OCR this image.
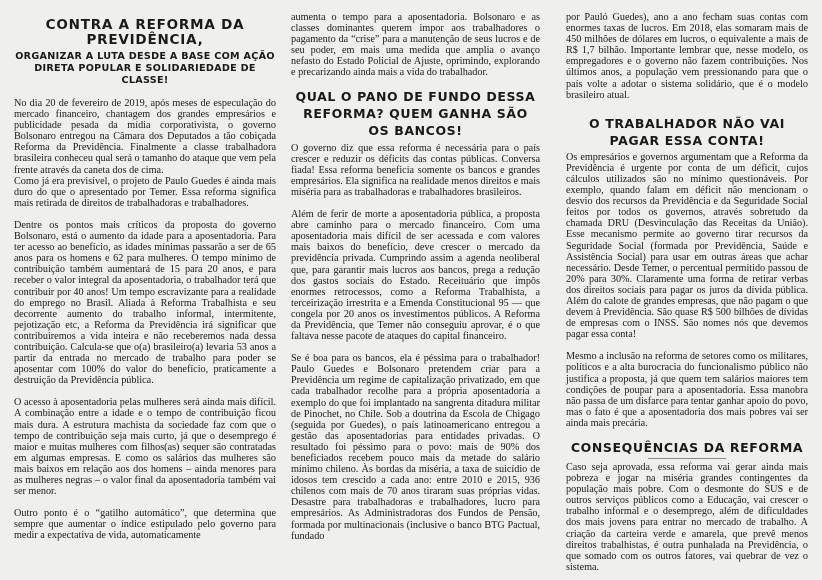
CONTRA A REFORMA DA PREVIDÊNCIA,
ORGANIZAR A LUTA DESDE A BASE COM AÇÃO DIRETA POPULAR E SOLIDARIEDADE DE CLASSE!

No dia 20 de fevereiro de 2019, após meses de especulação do mercado financeiro, chantagem dos grandes empresários e publicidade pesada da mídia corporativista, o governo Bolsonaro entregou na Câmara dos Deputados a tão cobiçada Reforma da Previdência. Finalmente a classe trabalhadora brasileira conheceu qual será o tamanho do ataque que vem pela frente através da caneta dos de cima.

Como já era previsível, o projeto de Paulo Guedes é ainda mais duro do que o apresentado por Temer. Essa reforma significa mais retirada de direitos de trabalhadoras e trabalhadores.

Dentre os pontos mais críticos da proposta do governo Bolsonaro, está o aumento da idade para a aposentadoria. Para ter acesso ao benefício, as idades mínimas passarão a ser de 65 anos para os homens e 62 para mulheres. O tempo mínimo de contribuição também aumentará de 15 para 20 anos, e para receber o valor integral da aposentadoria, o trabalhador terá que contribuir por 40 anos! Um tempo escravizante para a realidade do emprego no Brasil. Aliada à Reforma Trabalhista e seu decorrente aumento do trabalho informal, intermitente, pejotização etc, a Reforma da Previdência irá significar que contribuiremos a vida inteira e não receberemos nada dessa contribuição. Calcula-se que o(a) brasileiro(a) levaria 53 anos a partir da entrada no mercado de trabalho para poder se aposentar com 100% do valor do benefício, praticamente a destruição da Previdência pública.

O acesso à aposentadoria pelas mulheres será ainda mais difícil. A combinação entre a idade e o tempo de contribuição ficou mais dura. A estrutura machista da sociedade faz com que o tempo de contribuição seja mais curto, já que o desemprego é maior e muitas mulheres com filhos(as) sequer são contratadas em algumas empresas. E como os salários das mulheres são mais baixos em relação aos dos homens – ainda menores para as mulheres negras – o valor final da aposentadoria também vai ser menor.

Outro ponto é o “gatilho automático”, que determina que sempre que aumentar o índice estipulado pelo governo para medir a expectativa de vida, automaticamente

aumenta o tempo para a aposentadoria. Bolsonaro e as classes dominantes querem impor aos trabalhadores o pagamento da “crise” para a manutenção de seus lucros e de seu poder, em mais uma medida que amplia o avanço nefasto do Estado Policial de Ajuste, oprimindo, explorando e precarizando ainda mais a vida do trabalhador.

QUAL O PANO DE FUNDO DESSA REFORMA? QUEM GANHA SÃO OS BANCOS!

O governo diz que essa reforma é necessária para o país crescer e reduzir os déficits das contas públicas. Conversa fiada! Essa reforma beneficia somente os bancos e grandes empresários. Ela significa na realidade menos direitos e mais miséria para as trabalhadoras e trabalhadores brasileiros.

Além de ferir de morte a aposentadoria pública, a proposta abre caminho para o mercado financeiro. Com uma aposentadoria mais difícil de ser acessada e com valores mais baixos do benefício, deve crescer o mercado da previdência privada. Cumprindo assim a agenda neoliberal que, para garantir mais lucros aos bancos, prega a redução dos gastos sociais do Estado. Receituário que impôs enormes retrocessos, como a Reforma Trabalhista, a terceirização irrestrita e a Emenda Constitucional 95 — que congela por 20 anos os investimentos públicos. A Reforma da Previdência, que Temer não conseguiu aprovar, é o que faltava nesse pacote de ataques do capital financeiro.

Se é boa para os bancos, ela é péssima para o trabalhador! Paulo Guedes e Bolsonaro pretendem criar para a Previdência um regime de capitalização privatizado, em que cada trabalhador recolhe para a própria aposentadoria a exemplo do que foi implantado na sangrenta ditadura militar de Pinochet, no Chile. Sob a doutrina da Escola de Chigago (seguida por Guedes), o país latinoamericano entregou a gestão das aposentadorias para entidades privadas. O resultado foi péssimo para o povo: mais de 90% dos beneficiados recebem pouco mais da metade do salário mínimo chileno. Às bordas da miséria, a taxa de suicídio de idosos tem crescido a cada ano: entre 2010 e 2015, 936 chilenos com mais de 70 anos tiraram suas próprias vidas. Desastre para trabalhadoras e trabalhadores, lucro para empresários. As Administradoras dos Fundos de Pensão, formada por multinacionais (inclusive o banco BTG Pactual, fundado

por Pauló Guedes), ano a ano fecham suas contas com enormes taxas de lucros. Em 2018, elas somaram mais de 450 milhões de dólares em lucros, o equivalente a mais de R$ 1,7 bilhão. Importante lembrar que, nesse modelo, os empregadores e o governo não fazem contribuições. Nos últimos anos, a população vem pressionando para que o país volte a adotar o sistema solidário, que é o modelo brasileiro atual.

O TRABALHADOR NÃO VAI PAGAR ESSA CONTA!

Os empresários e governos argumentam que a Reforma da Previdência é urgente por conta de um déficit, cujos cálculos utilizados são no mínimo questionáveis. Por exemplo, quando falam em déficit não mencionam o desvio dos recursos da Previdência e da Seguridade Social feitos por todos os governos, através sobretudo da chamada DRU (Desvinculação das Receitas da União). Esse mecanismo permite ao governo tirar recursos da Seguridade Social (formada por Previdência, Saúde e Assistência Social) para usar em outras áreas que achar necessário. Desde Temer, o percentual permitido passou de 20% para 30%. Claramente uma forma de retirar verbas dos direitos sociais para pagar os juros da dívida pública. Além do calote de grandes empresas, que não pagam o que devem à Previdência. São quase R$ 500 bilhões de dívidas de empresas com o INSS. São nomes nós que devemos pagar essa conta!

Mesmo a inclusão na reforma de setores como os militares, políticos e a alta burocracia do funcionalismo público não justifica a proposta, já que quem tem salários maiores tem condições de poupar para a aposentadoria. Essa manobra não passa de um disfarce para tentar ganhar apoio do povo, mas o fato é que a aposentadoria dos mais pobres vai ser ainda mais precária.

CONSEQUÊNCIAS DA REFORMA

Caso seja aprovada, essa reforma vai gerar ainda mais pobreza e jogar na miséria grandes contingentes da população mais pobre. Com o desmonte do SUS e de outros serviços públicos como a Educação, vai crescer o trabalho informal e o desemprego, além de dificuldades dos mais jovens para entrar no mercado de trabalho. A criação da carteira verde e amarela, que prevê menos direitos trabalhistas, é outra punhalada na Previdência, o que somado com os outros fatores, vai quebrar de vez o sistema.
